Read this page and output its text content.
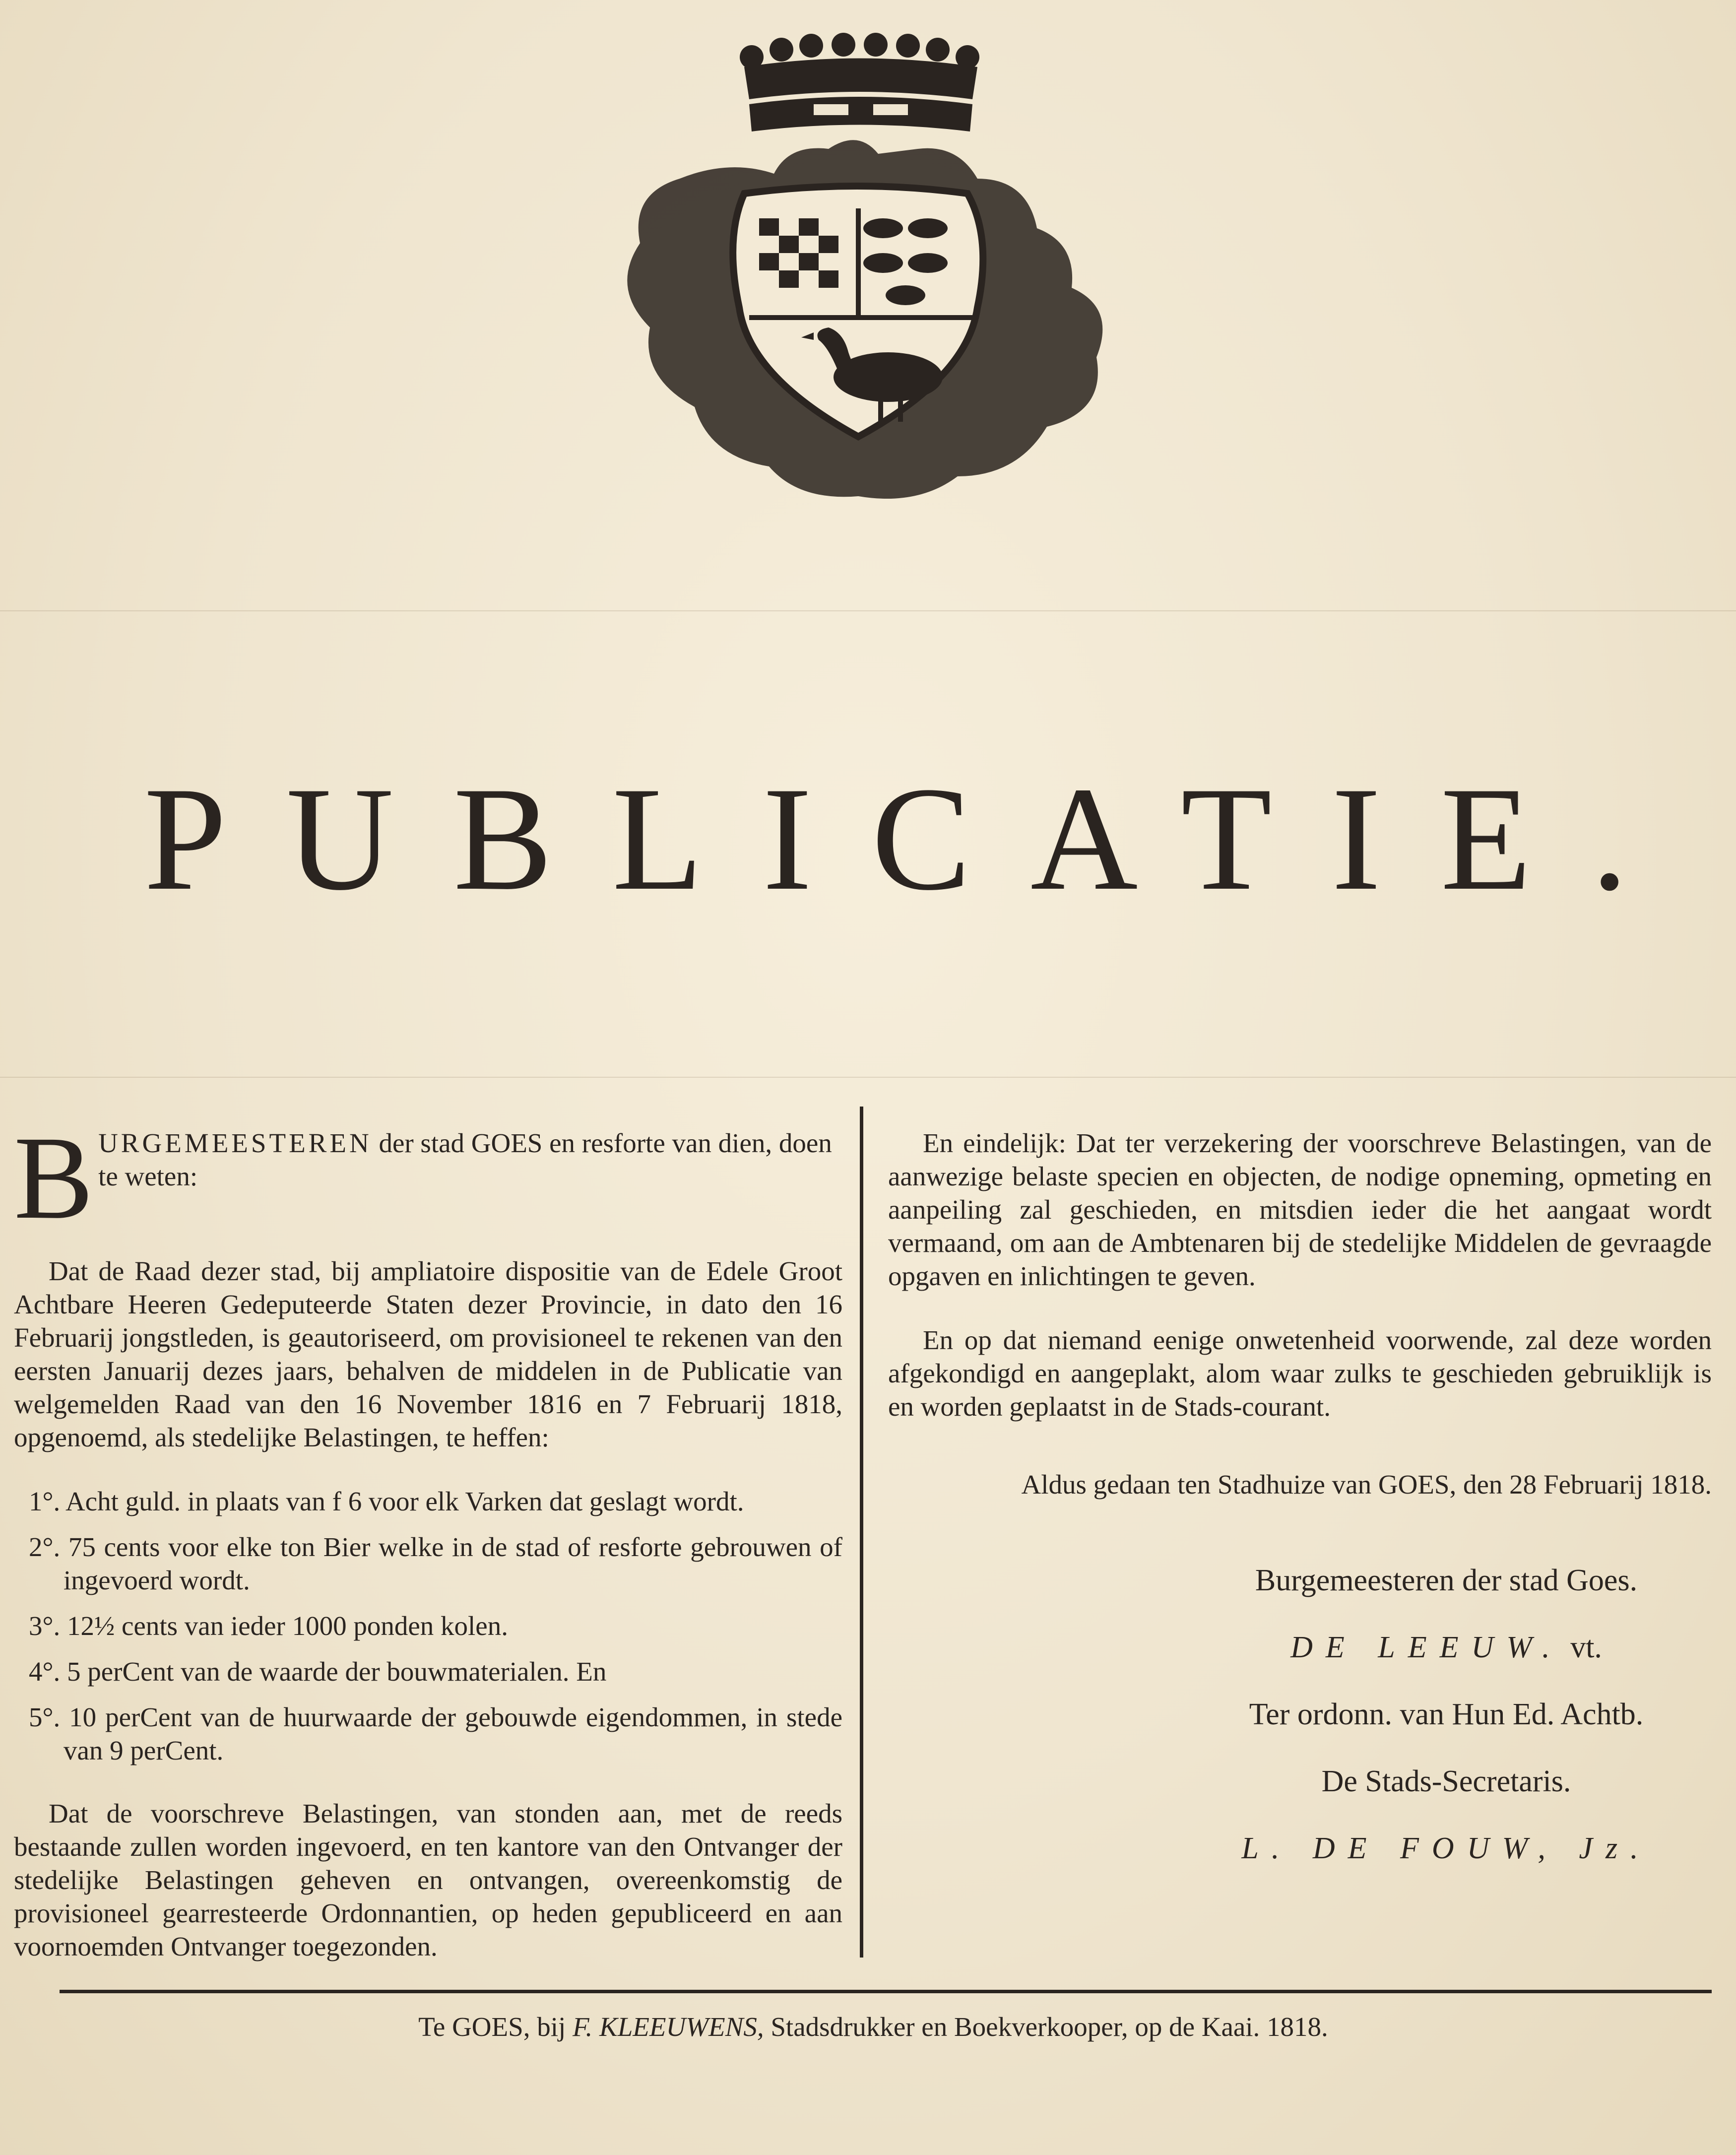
PUBLICATIE.
B URGEMEESTEREN der stad GOES en resforte van dien, doen te weten:

Dat de Raad dezer stad, bij ampliatoire dispositie van de Edele Groot Achtbare Heeren Gedeputeerde Staten dezer Provincie, in dato den 16 Februarij jongstleden, is geautoriseerd, om provisioneel te rekenen van den eersten Januarij dezes jaars, behalven de middelen in de Publicatie van welgemelden Raad van den 16 November 1816 en 7 Februarij 1818, opgenoemd, als stedelijke Belastingen, te heffen:

1°. Acht guld. in plaats van f 6 voor elk Varken dat geslagt wordt.

2°. 75 cents voor elke ton Bier welke in de stad of resforte gebrouwen of ingevoerd wordt.

3°. 12½ cents van ieder 1000 ponden kolen.

4°. 5 perCent van de waarde der bouwmaterialen. En

5°. 10 perCent van de huurwaarde der gebouwde eigendommen, in stede van 9 perCent.

Dat de voorschreve Belastingen, van stonden aan, met de reeds bestaande zullen worden ingevoerd, en ten kantore van den Ontvanger der stedelijke Belastingen geheven en ontvangen, overeenkomstig de provisioneel gearresteerde Ordonnantien, op heden gepubliceerd en aan voornoemden Ontvanger toegezonden.

En eindelijk: Dat ter verzekering der voorschreve Belastingen, van de aanwezige belaste specien en objecten, de nodige opneming, opmeting en aanpeiling zal geschieden, en mitsdien ieder die het aangaat wordt vermaand, om aan de Ambtenaren bij de stedelijke Middelen de gevraagde opgaven en inlichtingen te geven.

En op dat niemand eenige onwetenheid voorwende, zal deze worden afgekondigd en aangeplakt, alom waar zulks te geschieden gebruiklijk is en worden geplaatst in de Stads-courant.

Aldus gedaan ten Stadhuize van GOES, den 28 Februarij 1818.

Burgemeesteren der stad Goes.

DE LEEUW. vt.

Ter ordonn. van Hun Ed. Achtb.

De Stads-Secretaris.

L. DE FOUW, Jz.

Te GOES, bij F. KLEEUWENS, Stadsdrukker en Boekverkooper, op de Kaai. 1818.
